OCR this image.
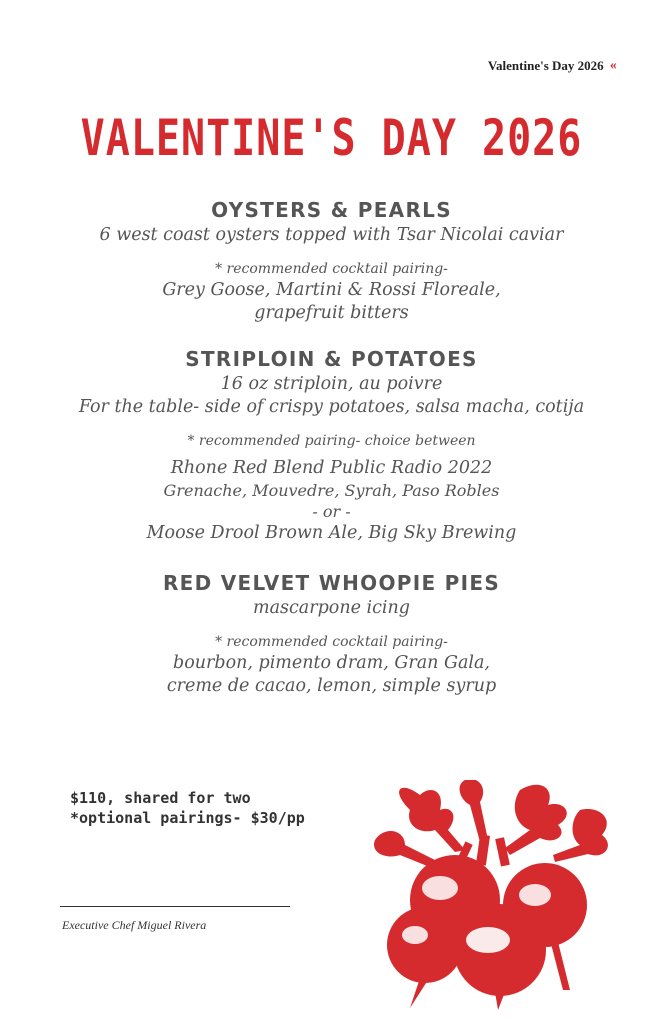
Valentine's Day 2026 ‹‹
VALENTINE'S DAY 2026

OYSTERS & PEARLS

6 west coast oysters topped with Tsar Nicolai caviar

* recommended cocktail pairing-

Grey Goose, Martini & Rossi Floreale,

grapefruit bitters

STRIPLOIN & POTATOES

16 oz striploin, au poivre

For the table- side of crispy potatoes, salsa macha, cotija

* recommended pairing- choice between

Rhone Red Blend Public Radio 2022

Grenache, Mouvedre, Syrah, Paso Robles

- or -

Moose Drool Brown Ale, Big Sky Brewing

RED VELVET WHOOPIE PIES

mascarpone icing

* recommended cocktail pairing-

bourbon, pimento dram, Gran Gala,

creme de cacao, lemon, simple syrup

$110, shared for two
*optional pairings- $30/pp
Executive Chef Miguel Rivera
